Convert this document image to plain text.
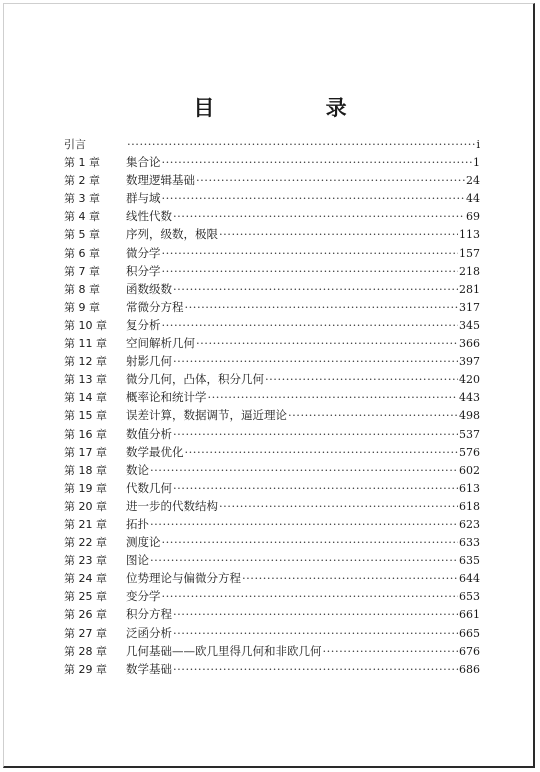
目 录
引言 ·····	i
第 1 章	集合论 ·····	1
第 2 章	数理逻辑基础 ·····	24
第 3 章	群与域 ·····	44
第 4 章	线性代数 ·····	69
第 5 章	序列，级数，极限 ·····	113
第 6 章	微分学 ·····	157
第 7 章	积分学 ·····	218
第 8 章	函数级数 ·····	281
第 9 章	常微分方程 ·····	317
第 10 章	复分析 ·····	345
第 11 章	空间解析几何 ·····	366
第 12 章	射影几何 ·····	397
第 13 章	微分几何，凸体，积分几何 ·····	420
第 14 章	概率论和统计学 ·····	443
第 15 章	误差计算，数据调节，逼近理论 ·····	498
第 16 章	数值分析 ·····	537
第 17 章	数学最优化 ·····	576
第 18 章	数论 ·····	602
第 19 章	代数几何 ·····	613
第 20 章	进一步的代数结构 ·····	618
第 21 章	拓扑 ·····	623
第 22 章	测度论 ·····	633
第 23 章	图论 ·····	635
第 24 章	位势理论与偏微分方程 ·····	644
第 25 章	变分学 ·····	653
第 26 章	积分方程 ·····	661
第 27 章	泛函分析 ·····	665
第 28 章	几何基础——欧几里得几何和非欧几何 ·····	676
第 29 章	数学基础 ·····	686
